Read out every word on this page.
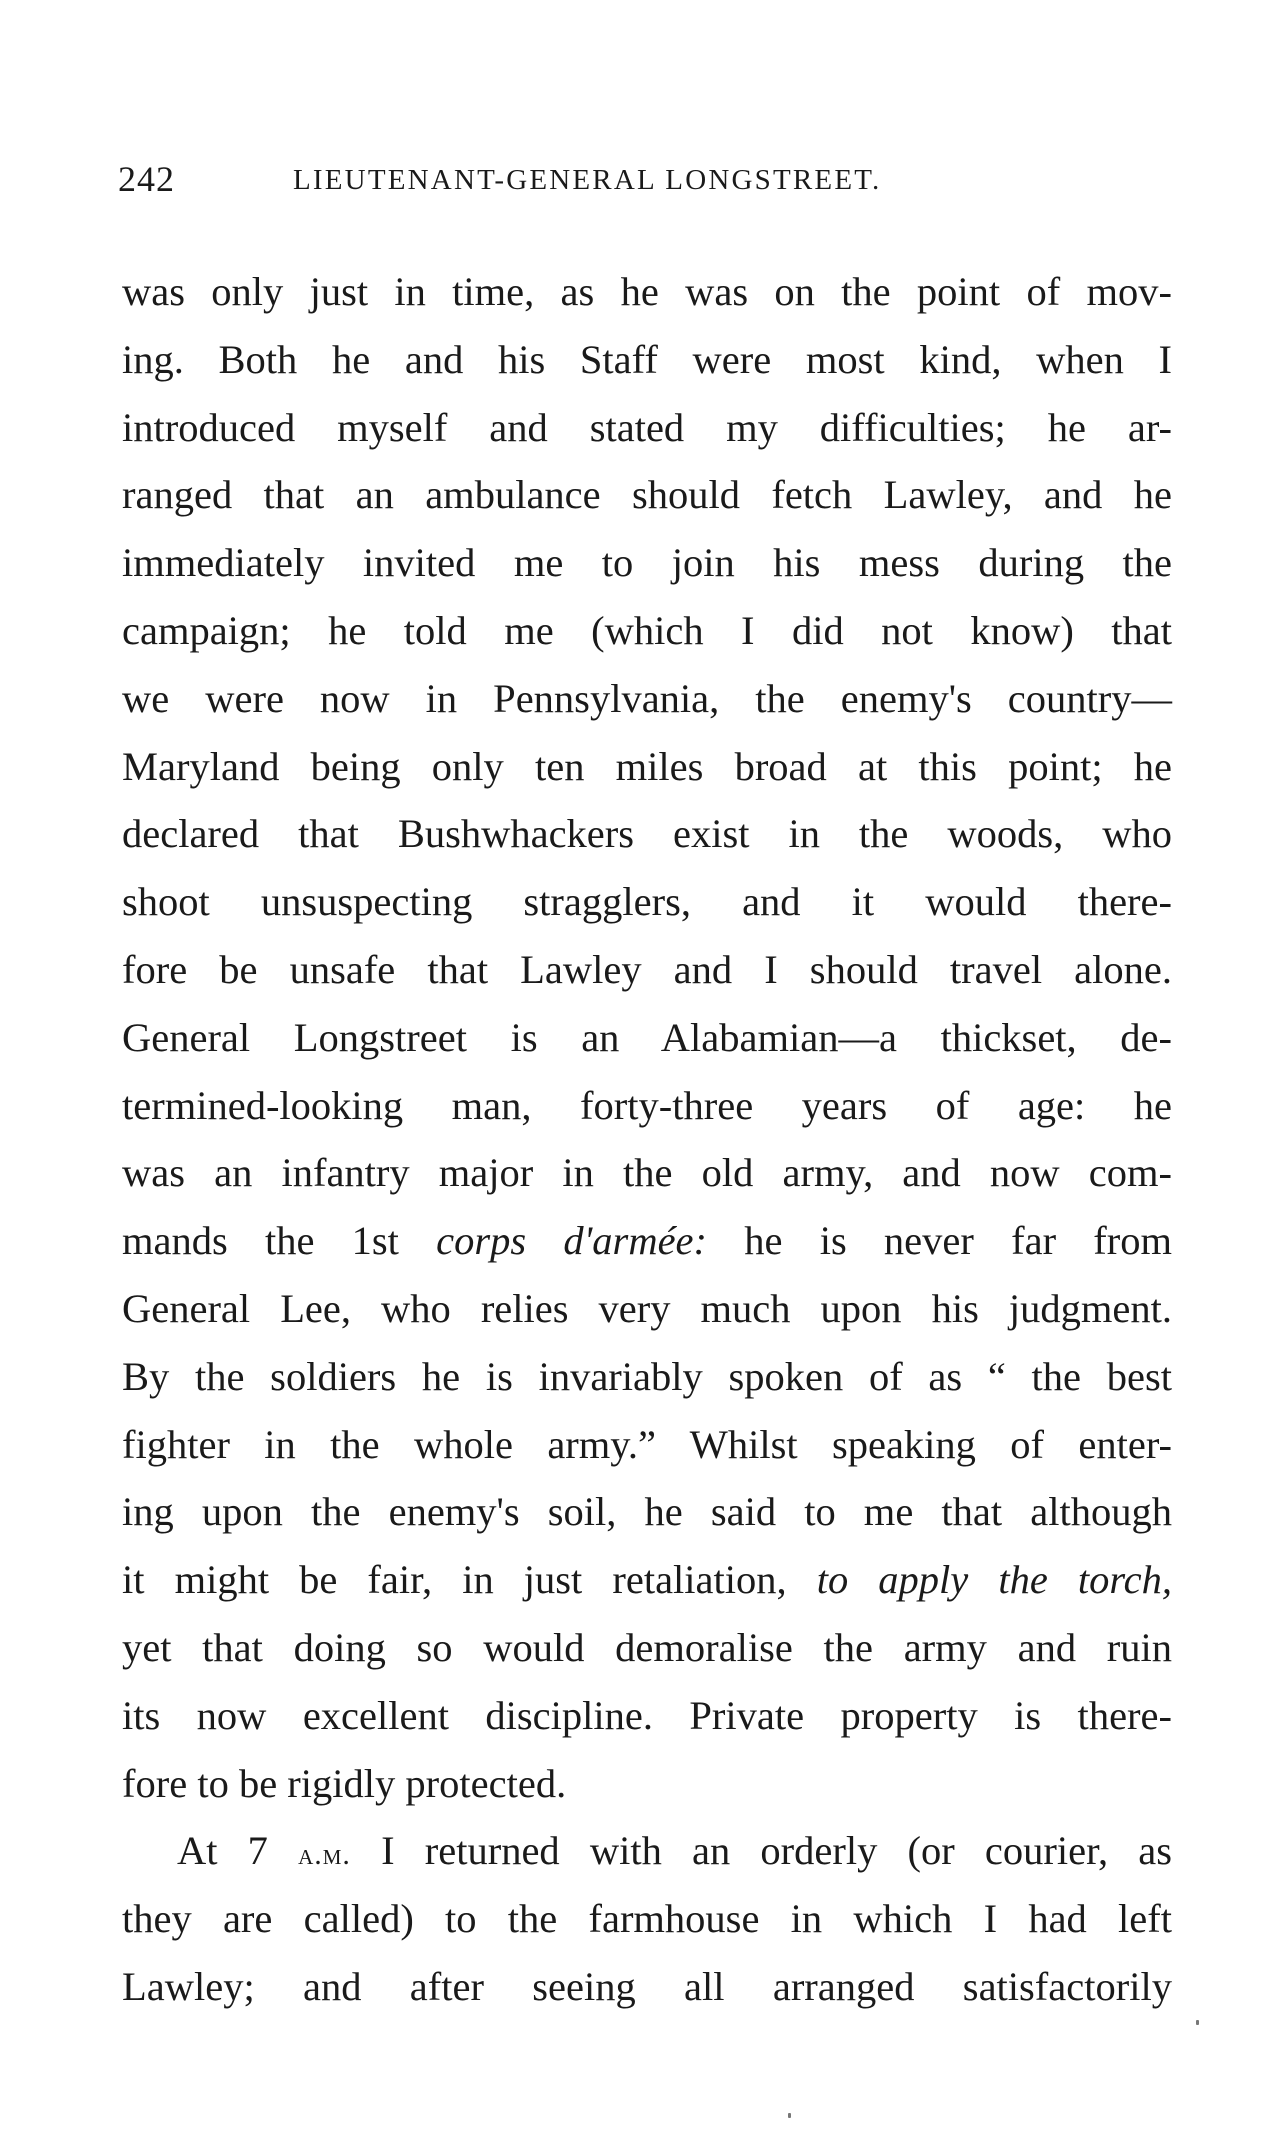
242	LIEUTENANT-GENERAL LONGSTREET.
was only just in time, as he was on the point of mov-
ing. Both he and his Staff were most kind, when I
introduced myself and stated my difficulties; he ar-
ranged that an ambulance should fetch Lawley, and he
immediately invited me to join his mess during the
campaign; he told me (which I did not know) that
we were now in Pennsylvania, the enemy's country—
Maryland being only ten miles broad at this point; he
declared that Bushwhackers exist in the woods, who
shoot unsuspecting stragglers, and it would there-
fore be unsafe that Lawley and I should travel alone.
General Longstreet is an Alabamian—a thickset, de-
termined-looking man, forty-three years of age: he
was an infantry major in the old army, and now com-
mands the 1st corps d'armée: he is never far from
General Lee, who relies very much upon his judgment.
By the soldiers he is invariably spoken of as “ the best
fighter in the whole army.” Whilst speaking of enter-
ing upon the enemy's soil, he said to me that although
it might be fair, in just retaliation, to apply the torch,
yet that doing so would demoralise the army and ruin
its now excellent discipline. Private property is there-
fore to be rigidly protected.
At 7 a.m. I returned with an orderly (or courier, as
they are called) to the farmhouse in which I had left
Lawley; and after seeing all arranged satisfactorily
